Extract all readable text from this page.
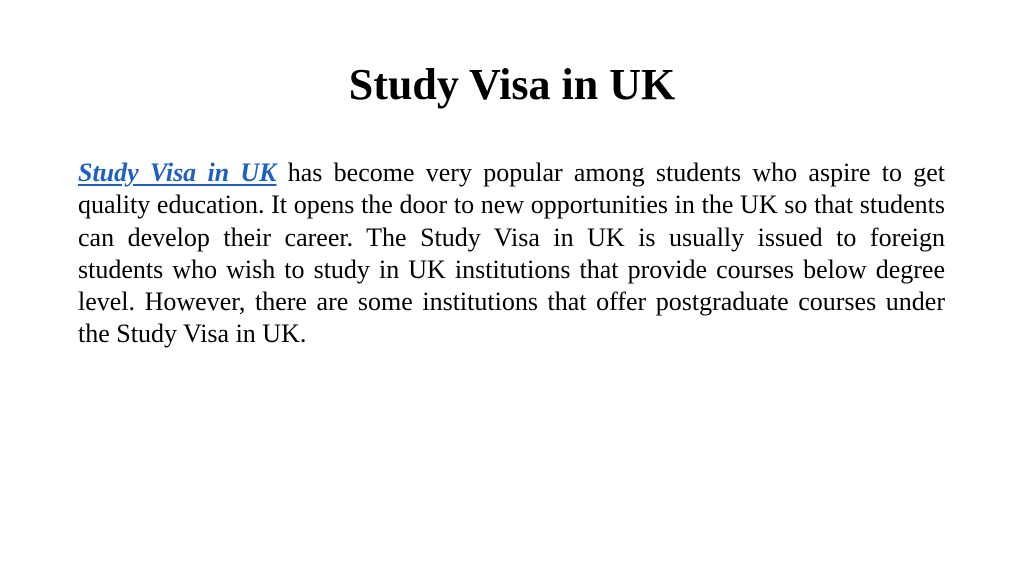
Study Visa in UK

Study Visa in UK has become very popular among students who aspire to get quality education. It opens the door to new opportunities in the UK so that students can develop their career. The Study Visa in UK is usually issued to foreign students who wish to study in UK institutions that provide courses below degree level. However, there are some institutions that offer postgraduate courses under the Study Visa in UK.
